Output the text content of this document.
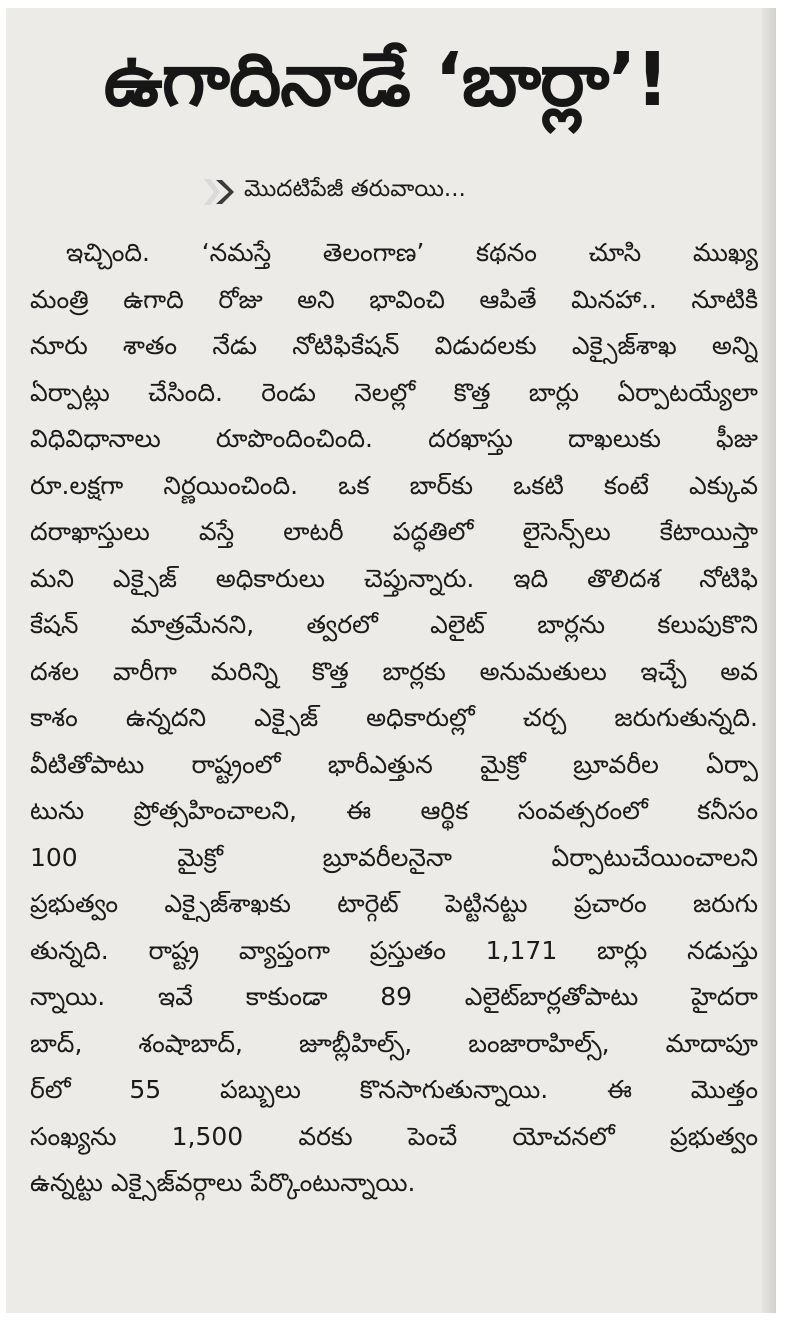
ఉగాదినాడే ‘బార్లా’!
మొదటిపేజీ తరువాయి...
ఇచ్చింది. ‘నమస్తే తెలంగాణ’ కథనం చూసి ముఖ్య
మంత్రి ఉగాది రోజు అని భావించి ఆపితే మినహా.. నూటికి
నూరు శాతం నేడు నోటిఫికేషన్ విడుదలకు ఎక్సైజ్‌శాఖ అన్ని
ఏర్పాట్లు చేసింది. రెండు నెలల్లో కొత్త బార్లు ఏర్పాటయ్యేలా
విధివిధానాలు రూపొందించింది. దరఖాస్తు దాఖలుకు ఫీజు
రూ.లక్షగా నిర్ణయించింది. ఒక బార్‌కు ఒకటి కంటే ఎక్కువ
దరాఖాస్తులు వస్తే లాటరీ పద్ధతిలో లైసెన్స్‌లు కేటాయిస్తా
మని ఎక్సైజ్ అధికారులు చెప్తున్నారు. ఇది తొలిదశ నోటిఫి
కేషన్ మాత్రమేనని, త్వరలో ఎలైట్ బార్లను కలుపుకొని
దశల వారీగా మరిన్ని కొత్త బార్లకు అనుమతులు ఇచ్చే అవ
కాశం ఉన్నదని ఎక్సైజ్ అధికారుల్లో చర్చ జరుగుతున్నది.
వీటితోపాటు రాష్ట్రంలో భారీఎత్తున మైక్రో బ్రూవరీల ఏర్పా
టును ప్రోత్సహించాలని, ఈ ఆర్థిక సంవత్సరంలో కనీసం
100 మైక్రో బ్రూవరీలనైనా ఏర్పాటుచేయించాలని
ప్రభుత్వం ఎక్సైజ్‌శాఖకు టార్గెట్ పెట్టినట్టు ప్రచారం జరుగు
తున్నది. రాష్ట్ర వ్యాప్తంగా ప్రస్తుతం 1,171 బార్లు నడుస్తు
న్నాయి. ఇవే కాకుండా 89 ఎలైట్‌బార్లతోపాటు హైదరా
బాద్, శంషాబాద్, జూబ్లీహిల్స్, బంజారాహిల్స్, మాదాపూ
ర్‌లో 55 పబ్బులు కొనసాగుతున్నాయి. ఈ మొత్తం
సంఖ్యను 1,500 వరకు పెంచే యోచనలో ప్రభుత్వం
ఉన్నట్టు ఎక్సైజ్‌వర్గాలు పేర్కొంటున్నాయి.
